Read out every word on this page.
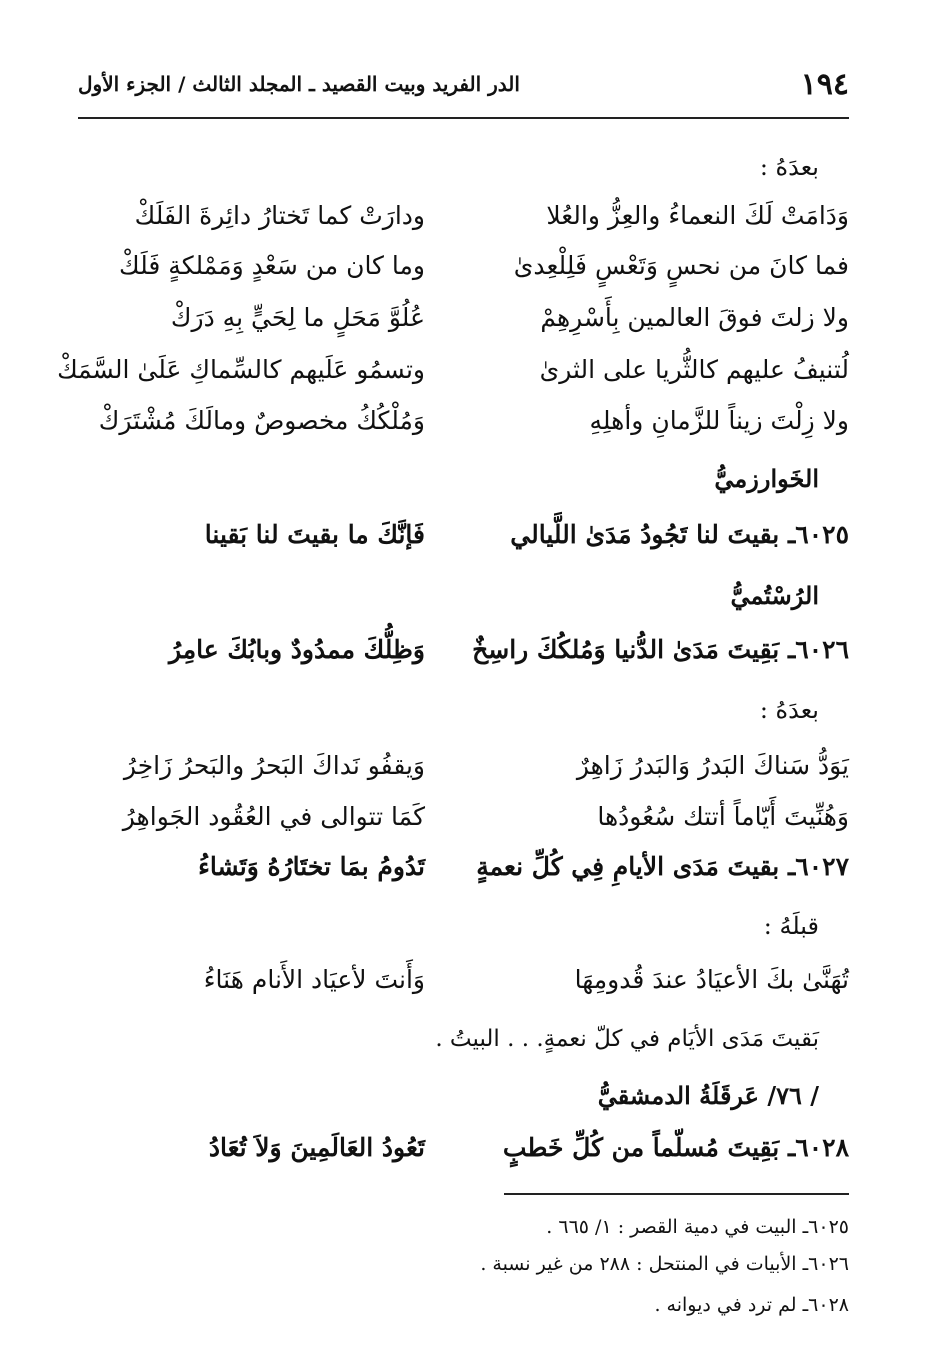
١٩٤
الدر الفريد وبيت القصيد ـ المجلد الثالث / الجزء الأول
بعدَهُ :
وَدَامَتْ لَكَ النعماءُ والعِزُّ والعُلا
ودارَتْ كما تَختارُ دائِرةَ الفَلَكْ
فما كانَ من نحسٍ وَتَعْسٍ فَلِلْعِدىٰ
وما كان من سَعْدٍ وَمَمْلكةٍ فَلَكْ
ولا زلتَ فوقَ العالمين بِأَسْرِهِمْ
عُلُوَّ مَحَلٍ ما لِحَيٍّ بِهِ دَرَكْ
لُتنيفُ عليهم كالثُّريا على الثرىٰ
وتسمُو عَلَيهم كالسِّماكِ عَلَىٰ السَّمَكْ
ولا زِلْتَ زيناً للزَّمانِ وأهلِهِ
وَمُلْكُكُ مخصوصٌ ومالَكَ مُشْتَرَكْ
الخَوارزميُّ
٦٠٢٥ـ بقيتَ لنا تَجُودُ مَدَىٰ اللَّيالي
فَإنَّكَ ما بقيتَ لنا بَقينا
الرُسْتُميُّ
٦٠٢٦ـ بَقِيتَ مَدَىٰ الدُّنيا وَمُلكُكَ راسِخٌ
وَظِلُّكَ ممدُودٌ وبابُكَ عامِرُ
بعدَهُ :
يَوَدُّ سَناكَ البَدرُ وَالبَدرُ زَاهِرٌ
وَيقفُو نَداكَ البَحرُ والبَحرُ زَاخِرُ
وَهُنِّيتَ أَيّاماً أتتك سُعُودُها
كَمَا تتوالى في العُقُود الجَواهِرُ
٦٠٢٧ـ بقيتَ مَدَى الأيامِ فِي كُلِّ نعمةٍ
تَدُومُ بمَا تختَارُهُ وَتَشاءُ
قبلَهُ :
تُهَنَّىٰ بكَ الأعيَادُ عندَ قُدومِهَا
وَأَنتَ لأعيَاد الأَنام هَنَاءُ
بَقيتَ مَدَى الأيَام في كلّ نعمةٍ. . . البيتُ .
/ ٧٦/ عَرقَلَةُ الدمشقيُّ
٦٠٢٨ـ بَقِيتَ مُسلّماً من كُلِّ خَطبٍ
تَعُودُ العَالَمِينَ وَلاَ تُعَادُ
٦٠٢٥ـ البيت في دمية القصر : ١/ ٦٦٥ .
٦٠٢٦ـ الأبيات في المنتحل : ٢٨٨ من غير نسبة .
٦٠٢٨ـ لم ترد في ديوانه .
